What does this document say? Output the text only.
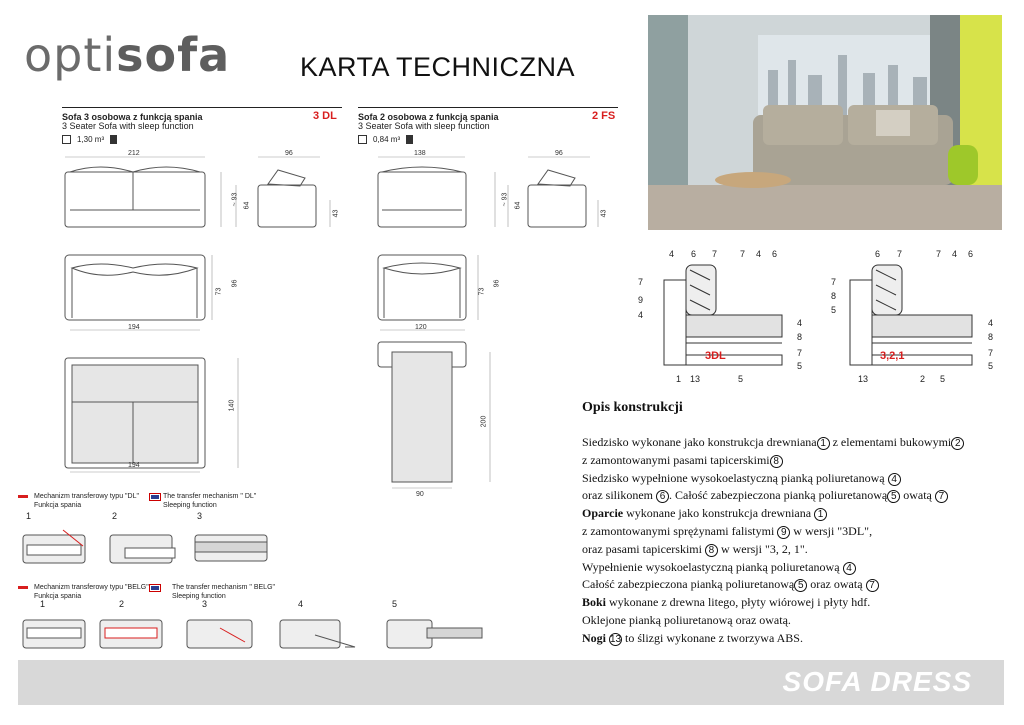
optisofa	KARTA TECHNICZNA
Sofa 3 osobowa z funkcją spania
3 Seater Sofa with sleep function
3 DL
1,30 m³
Sofa 2 osobowa z funkcją spania
3 Seater Sofa with sleep function
2 FS
0,84 m³
212	96
~ 93 64
43
194
73
96
140
194
138	96
~ 93 64
43
120
73
96
200
90
Mechanizm transferowy typu "DL"
Funkcja spania
The transfer mechanism " DL"
Sleeping function
1	2	3
Mechanizm transferowy typu "BELG"
Funkcja spania
The transfer mechanism " BELG"
Sleeping function
1	2	3	4	5
3DL	3,2,1
4 6 7	7 4 6
7
9
4
4
8
7
5
1 13	5
6 7	7 4 6
7
8
5
4
8
7
5
13	2 5
Opis konstrukcji

Siedzisko wykonane jako konstrukcja drewniana 1 z elementami bukowymi 2

z zamontowanymi pasami tapicerskimi 8

Siedzisko wypełnione wysokoelastyczną pianką poliuretanową 4

oraz silikonem 6 . Całość zabezpieczona pianką poliuretanową 5 owatą 7

Oparcie wykonane jako konstrukcja drewniana 1

z zamontowanymi sprężynami falistymi 9 w wersji "3DL",

oraz pasami tapicerskimi 8 w wersji "3, 2, 1".

Wypełnienie wysokoelastyczną pianką poliuretanową 4

Całość zabezpieczona pianką poliuretanową 5 oraz owatą 7

Boki wykonane z drewna litego, płyty wiórowej i płyty hdf.

Oklejone pianką poliuretanową oraz owatą.

Nogi 13 to ślizgi wykonane z tworzywa ABS.

SOFA DRESS
